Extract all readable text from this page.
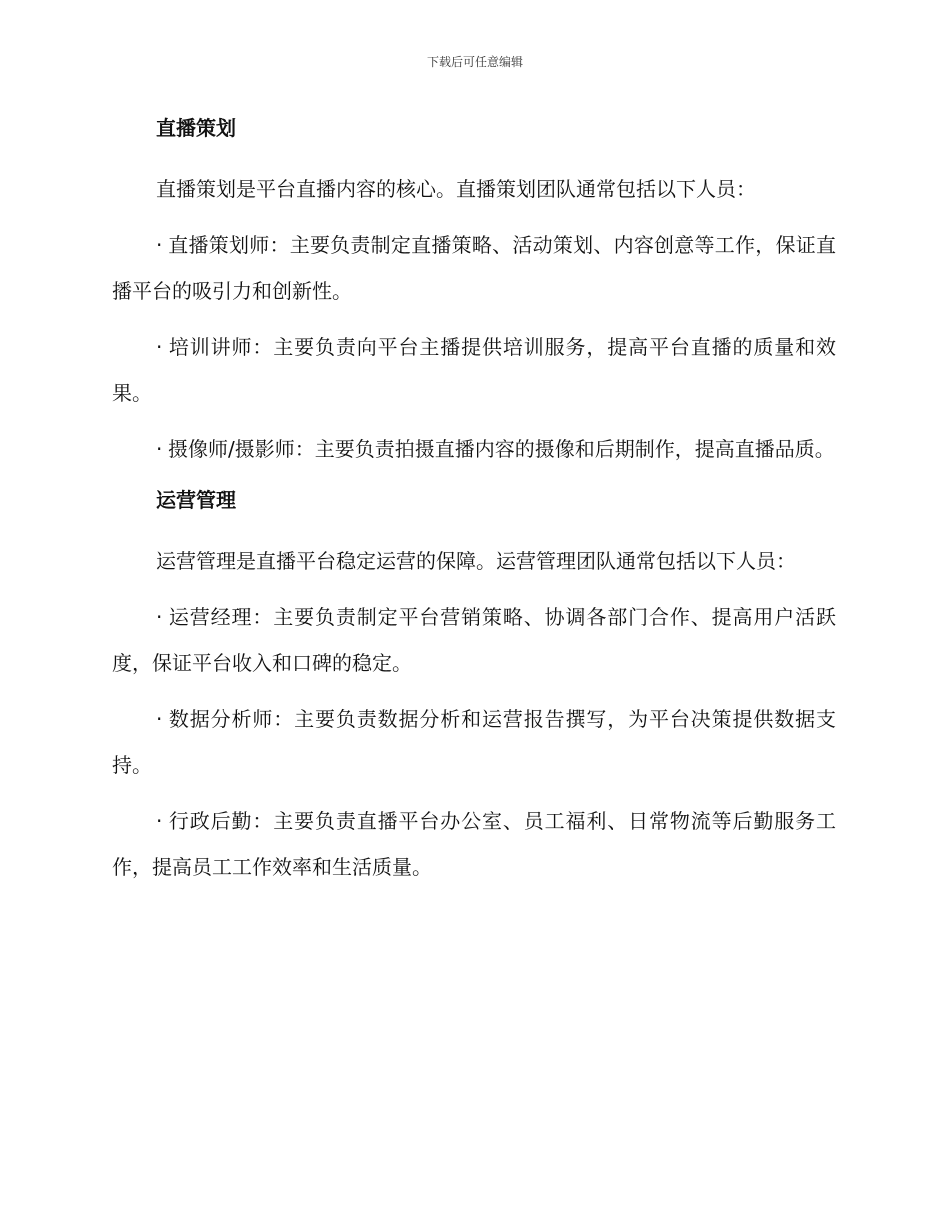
下载后可任意编辑
直播策划

直播策划是平台直播内容的核心。直播策划团队通常包括以下人员：

· 直播策划师：主要负责制定直播策略、活动策划、内容创意等工作，保证直播平台的吸引力和创新性。

· 培训讲师：主要负责向平台主播提供培训服务，提高平台直播的质量和效果。

· 摄像师/摄影师：主要负责拍摄直播内容的摄像和后期制作，提高直播品质。

运营管理

运营管理是直播平台稳定运营的保障。运营管理团队通常包括以下人员：

· 运营经理：主要负责制定平台营销策略、协调各部门合作、提高用户活跃度，保证平台收入和口碑的稳定。

· 数据分析师：主要负责数据分析和运营报告撰写，为平台决策提供数据支持。

· 行政后勤：主要负责直播平台办公室、员工福利、日常物流等后勤服务工作，提高员工工作效率和生活质量。
